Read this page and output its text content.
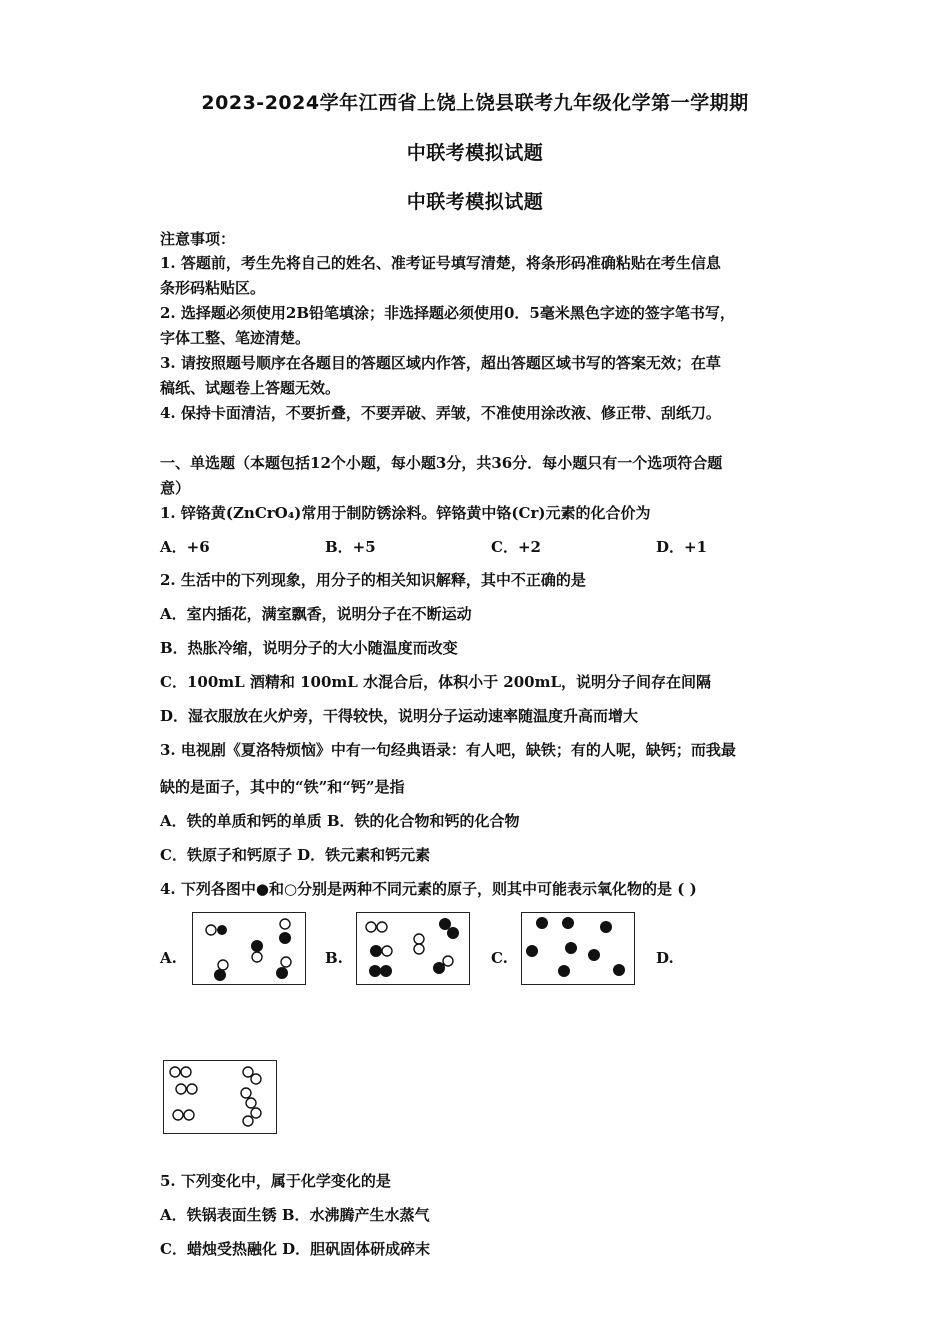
2023-2024学年江西省上饶上饶县联考九年级化学第一学期期
中联考模拟试题
中联考模拟试题
注意事项：
1. 答题前，考生先将自己的姓名、准考证号填写清楚，将条形码准确粘贴在考生信息
条形码粘贴区。
2. 选择题必须使用2B铅笔填涂；非选择题必须使用0．5毫米黑色字迹的签字笔书写，
字体工整、笔迹清楚。
3. 请按照题号顺序在各题目的答题区域内作答，超出答题区域书写的答案无效；在草
稿纸、试题卷上答题无效。
4. 保持卡面清洁，不要折叠，不要弄破、弄皱，不准使用涂改液、修正带、刮纸刀。
一、单选题（本题包括12个小题，每小题3分，共36分．每小题只有一个选项符合题
意）
1. 锌铬黄(ZnCrO₄)常用于制防锈涂料。锌铬黄中铬(Cr)元素的化合价为
A．+6	B．+5	C．+2	D．+1
2. 生活中的下列现象，用分子的相关知识解释，其中不正确的是
A．室内插花，满室飘香，说明分子在不断运动
B．热胀冷缩，说明分子的大小随温度而改变
C．100mL 酒精和 100mL 水混合后，体积小于 200mL，说明分子间存在间隔
D．湿衣服放在火炉旁，干得较快，说明分子运动速率随温度升高而增大
3. 电视剧《夏洛特烦恼》中有一句经典语录：有人吧，缺铁；有的人呢，缺钙；而我最
缺的是面子，其中的“铁”和“钙”是指
A．铁的单质和钙的单质 B．铁的化合物和钙的化合物
C．铁原子和钙原子 D．铁元素和钙元素
4. 下列各图中●和○分别是两种不同元素的原子，则其中可能表示氧化物的是 ( )
A.	B.	C.	D.
5. 下列变化中，属于化学变化的是
A．铁锅表面生锈 B．水沸腾产生水蒸气
C．蜡烛受热融化 D．胆矾固体研成碎末
